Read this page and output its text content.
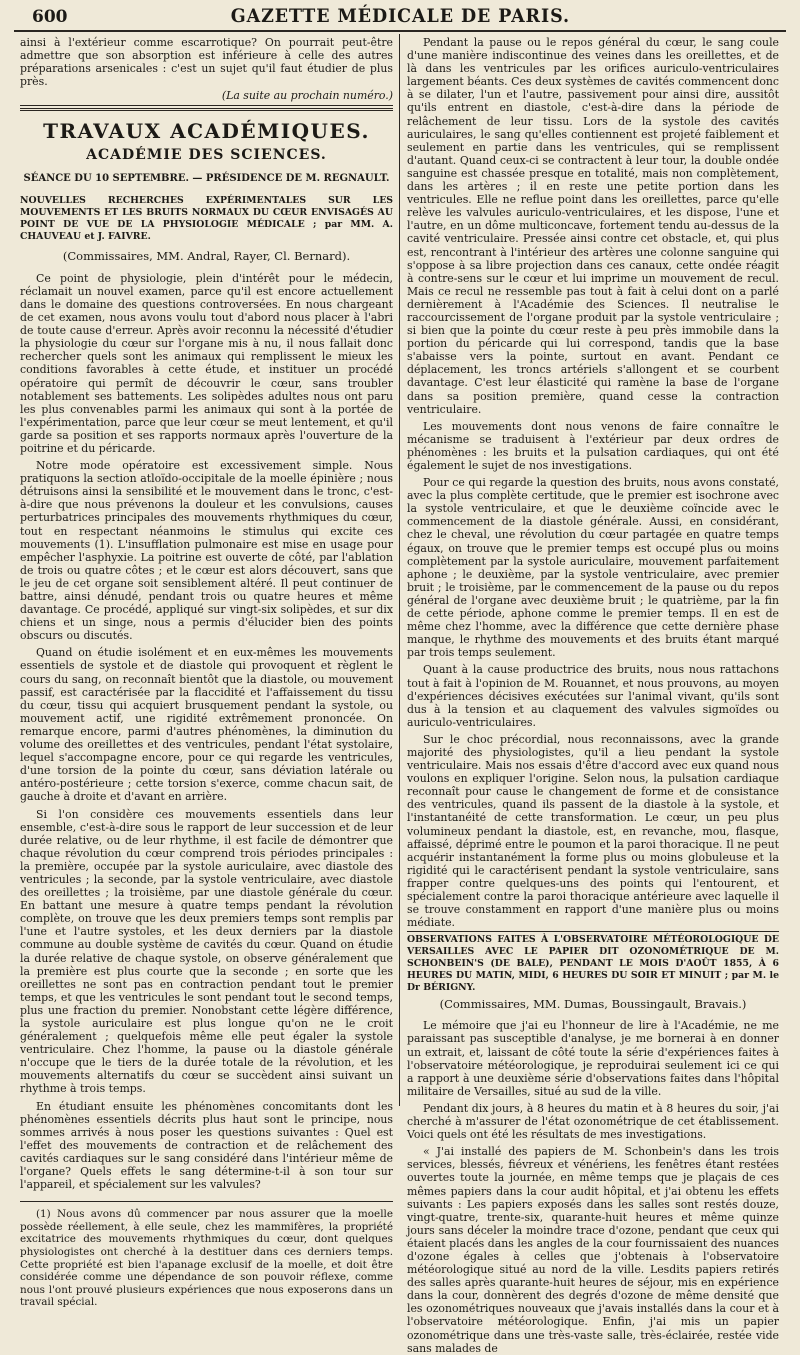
600	GAZETTE MÉDICALE DE PARIS.

ainsi à l'extérieur comme escarrotique? On pourrait peut-être admettre que son absorption est inférieure à celle des autres préparations arsenicales : c'est un sujet qu'il faut étudier de plus près.

(La suite au prochain numéro.)
TRAVAUX ACADÉMIQUES.
ACADÉMIE DES SCIENCES.
SÉANCE DU 10 SEPTEMBRE. — PRÉSIDENCE DE M. REGNAULT.

NOUVELLES RECHERCHES EXPÉRIMENTALES SUR LES MOUVEMENTS ET LES BRUITS NORMAUX DU CŒUR ENVISAGÉS AU POINT DE VUE DE LA PHYSIOLOGIE MÉDICALE ; par MM. A. CHAUVEAU et J. FAIVRE.

(Commissaires, MM. Andral, Rayer, Cl. Bernard).

Ce point de physiologie, plein d'intérêt pour le médecin, réclamait un nouvel examen, parce qu'il est encore actuellement dans le domaine des questions controversées. En nous chargeant de cet examen, nous avons voulu tout d'abord nous placer à l'abri de toute cause d'erreur. Après avoir reconnu la nécessité d'étudier la physiologie du cœur sur l'organe mis à nu, il nous fallait donc rechercher quels sont les animaux qui remplissent le mieux les conditions favorables à cette étude, et instituer un procédé opératoire qui permît de découvrir le cœur, sans troubler notablement ses battements. Les solipèdes adultes nous ont paru les plus convenables parmi les animaux qui sont à la portée de l'expérimentation, parce que leur cœur se meut lentement, et qu'il garde sa position et ses rapports normaux après l'ouverture de la poitrine et du péricarde.

Notre mode opératoire est excessivement simple. Nous pratiquons la section atloïdo-occipitale de la moelle épinière ; nous détruisons ainsi la sensibilité et le mouvement dans le tronc, c'est-à-dire que nous prévenons la douleur et les convulsions, causes perturbatrices principales des mouvements rhythmiques du cœur, tout en respectant néanmoins le stimulus qui excite ces mouvements (1). L'insufflation pulmonaire est mise en usage pour empêcher l'asphyxie. La poitrine est ouverte de côté, par l'ablation de trois ou quatre côtes ; et le cœur est alors découvert, sans que le jeu de cet organe soit sensiblement altéré. Il peut continuer de battre, ainsi dénudé, pendant trois ou quatre heures et même davantage. Ce procédé, appliqué sur vingt-six solipèdes, et sur dix chiens et un singe, nous a permis d'élucider bien des points obscurs ou discutés.

Quand on étudie isolément et en eux-mêmes les mouvements essentiels de systole et de diastole qui provoquent et règlent le cours du sang, on reconnaît bientôt que la diastole, ou mouvement passif, est caractérisée par la flaccidité et l'affaissement du tissu du cœur, tissu qui acquiert brusquement pendant la systole, ou mouvement actif, une rigidité extrêmement prononcée. On remarque encore, parmi d'autres phénomènes, la diminution du volume des oreillettes et des ventricules, pendant l'état systolaire, lequel s'accompagne encore, pour ce qui regarde les ventricules, d'une torsion de la pointe du cœur, sans déviation latérale ou antéro-postérieure ; cette torsion s'exerce, comme chacun sait, de gauche à droite et d'avant en arrière.

Si l'on considère ces mouvements essentiels dans leur ensemble, c'est-à-dire sous le rapport de leur succession et de leur durée relative, ou de leur rhythme, il est facile de démontrer que chaque révolution du cœur comprend trois périodes principales : la première, occupée par la systole auriculaire, avec diastole des ventricules ; la seconde, par la systole ventriculaire, avec diastole des oreillettes ; la troisième, par une diastole générale du cœur. En battant une mesure à quatre temps pendant la révolution complète, on trouve que les deux premiers temps sont remplis par l'une et l'autre systoles, et les deux derniers par la diastole commune au double système de cavités du cœur. Quand on étudie la durée relative de chaque systole, on observe généralement que la première est plus courte que la seconde ; en sorte que les oreillettes ne sont pas en contraction pendant tout le premier temps, et que les ventricules le sont pendant tout le second temps, plus une fraction du premier. Nonobstant cette légère différence, la systole auriculaire est plus longue qu'on ne le croit généralement ; quelquefois même elle peut égaler la systole ventriculaire. Chez l'homme, la pause ou la diastole générale n'occupe que le tiers de la durée totale de la révolution, et les mouvements alternatifs du cœur se succèdent ainsi suivant un rhythme à trois temps.

En étudiant ensuite les phénomènes concomitants dont les phénomènes essentiels décrits plus haut sont le principe, nous sommes arrivés à nous poser les questions suivantes : Quel est l'effet des mouvements de contraction et de relâchement des cavités cardiaques sur le sang considéré dans l'intérieur même de l'organe? Quels effets le sang détermine-t-il à son tour sur l'appareil, et spécialement sur les valvules?

(1) Nous avons dû commencer par nous assurer que la moelle possède réellement, à elle seule, chez les mammifères, la propriété excitatrice des mouvements rhythmiques du cœur, dont quelques physiologistes ont cherché à la destituer dans ces derniers temps. Cette propriété est bien l'apanage exclusif de la moelle, et doit être considérée comme une dépendance de son pouvoir réflexe, comme nous l'ont prouvé plusieurs expériences que nous exposerons dans un travail spécial.

Pendant la pause ou le repos général du cœur, le sang coule d'une manière indiscontinue des veines dans les oreillettes, et de là dans les ventricules par les orifices auriculo-ventriculaires largement béants. Ces deux systèmes de cavités commencent donc à se dilater, l'un et l'autre, passivement pour ainsi dire, aussitôt qu'ils entrent en diastole, c'est-à-dire dans la période de relâchement de leur tissu. Lors de la systole des cavités auriculaires, le sang qu'elles contiennent est projeté faiblement et seulement en partie dans les ventricules, qui se remplissent d'autant. Quand ceux-ci se contractent à leur tour, la double ondée sanguine est chassée presque en totalité, mais non complètement, dans les artères ; il en reste une petite portion dans les ventricules. Elle ne reflue point dans les oreillettes, parce qu'elle relève les valvules auriculo-ventriculaires, et les dispose, l'une et l'autre, en un dôme multiconcave, fortement tendu au-dessus de la cavité ventriculaire. Pressée ainsi contre cet obstacle, et, qui plus est, rencontrant à l'intérieur des artères une colonne sanguine qui s'oppose à sa libre projection dans ces canaux, cette ondée réagit à contre-sens sur le cœur et lui imprime un mouvement de recul. Mais ce recul ne ressemble pas tout à fait à celui dont on a parlé dernièrement à l'Académie des Sciences. Il neutralise le raccourcissement de l'organe produit par la systole ventriculaire ; si bien que la pointe du cœur reste à peu près immobile dans la portion du péricarde qui lui correspond, tandis que la base s'abaisse vers la pointe, surtout en avant. Pendant ce déplacement, les troncs artériels s'allongent et se courbent davantage. C'est leur élasticité qui ramène la base de l'organe dans sa position première, quand cesse la contraction ventriculaire.

Les mouvements dont nous venons de faire connaître le mécanisme se traduisent à l'extérieur par deux ordres de phénomènes : les bruits et la pulsation cardiaques, qui ont été également le sujet de nos investigations.

Pour ce qui regarde la question des bruits, nous avons constaté, avec la plus complète certitude, que le premier est isochrone avec la systole ventriculaire, et que le deuxième coïncide avec le commencement de la diastole générale. Aussi, en considérant, chez le cheval, une révolution du cœur partagée en quatre temps égaux, on trouve que le premier temps est occupé plus ou moins complètement par la systole auriculaire, mouvement parfaitement aphone ; le deuxième, par la systole ventriculaire, avec premier bruit ; le troisième, par le commencement de la pause ou du repos général de l'organe avec deuxième bruit ; le quatrième, par la fin de cette période, aphone comme le premier temps. Il en est de même chez l'homme, avec la différence que cette dernière phase manque, le rhythme des mouvements et des bruits étant marqué par trois temps seulement.

Quant à la cause productrice des bruits, nous nous rattachons tout à fait à l'opinion de M. Rouannet, et nous prouvons, au moyen d'expériences décisives exécutées sur l'animal vivant, qu'ils sont dus à la tension et au claquement des valvules sigmoïdes ou auriculo-ventriculaires.

Sur le choc précordial, nous reconnaissons, avec la grande majorité des physiologistes, qu'il a lieu pendant la systole ventriculaire. Mais nos essais d'être d'accord avec eux quand nous voulons en expliquer l'origine. Selon nous, la pulsation cardiaque reconnaît pour cause le changement de forme et de consistance des ventricules, quand ils passent de la diastole à la systole, et l'instantanéité de cette transformation. Le cœur, un peu plus volumineux pendant la diastole, est, en revanche, mou, flasque, affaissé, déprimé entre le poumon et la paroi thoracique. Il ne peut acquérir instantanément la forme plus ou moins globuleuse et la rigidité qui le caractérisent pendant la systole ventriculaire, sans frapper contre quelques-uns des points qui l'entourent, et spécialement contre la paroi thoracique antérieure avec laquelle il se trouve constamment en rapport d'une manière plus ou moins médiate.

OBSERVATIONS FAITES À L'OBSERVATOIRE MÉTÉOROLOGIQUE DE VERSAILLES AVEC LE PAPIER DIT OZONOMÉTRIQUE DE M. SCHONBEIN'S (DE BALE), PENDANT LE MOIS D'AOÛT 1855, À 6 HEURES DU MATIN, MIDI, 6 HEURES DU SOIR ET MINUIT ; par M. le Dr BÉRIGNY.

(Commissaires, MM. Dumas, Boussingault, Bravais.)

Le mémoire que j'ai eu l'honneur de lire à l'Académie, ne me paraissant pas susceptible d'analyse, je me bornerai à en donner un extrait, et, laissant de côté toute la série d'expériences faites à l'observatoire météorologique, je reproduirai seulement ici ce qui a rapport à une deuxième série d'observations faites dans l'hôpital militaire de Versailles, situé au sud de la ville.

Pendant dix jours, à 8 heures du matin et à 8 heures du soir, j'ai cherché à m'assurer de l'état ozonométrique de cet établissement. Voici quels ont été les résultats de mes investigations.

« J'ai installé des papiers de M. Schonbein's dans les trois services, blessés, fiévreux et vénériens, les fenêtres étant restées ouvertes toute la journée, en même temps que je plaçais de ces mêmes papiers dans la cour audit hôpital, et j'ai obtenu les effets suivants : Les papiers exposés dans les salles sont restés douze, vingt-quatre, trente-six, quarante-huit heures et même quinze jours sans déceler la moindre trace d'ozone, pendant que ceux qui étaient placés dans les angles de la cour fournissaient des nuances d'ozone égales à celles que j'obtenais à l'observatoire météorologique situé au nord de la ville. Lesdits papiers retirés des salles après quarante-huit heures de séjour, mis en expérience dans la cour, donnèrent des degrés d'ozone de même densité que les ozonométriques nouveaux que j'avais installés dans la cour et à l'observatoire météorologique. Enfin, j'ai mis un papier ozonométrique dans une très-vaste salle, très-éclairée, restée vide sans malades de
